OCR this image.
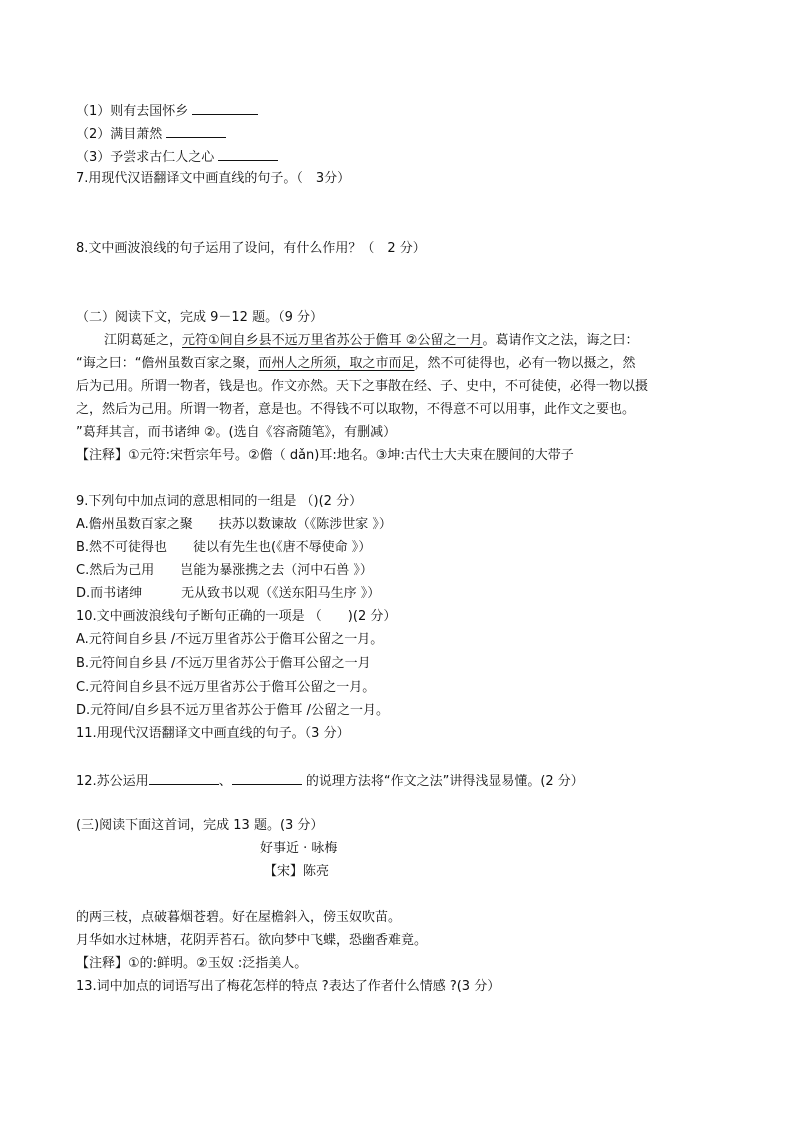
（1）则有去国怀乡
（2）满目萧然
（3）予尝求古仁人之心
7.用现代汉语翻译文中画直线的句子。（　3分）
8.文中画波浪线的句子运用了设问，有什么作用？（　2 分）
（二）阅读下文，完成 9－12 题。（9 分）
江阴葛延之，元符①间自乡县不远万里省苏公于儋耳 ②公留之一月。葛请作文之法，诲之曰：
“诲之曰：“儋州虽数百家之聚，而州人之所须，取之市而足，然不可徒得也，必有一物以摄之，然
后为己用。所谓一物者，钱是也。作文亦然。天下之事散在经、子、史中，不可徒使，必得一物以摄
之，然后为己用。所谓一物者，意是也。不得钱不可以取物，不得意不可以用事，此作文之要也。
”葛拜其言，而书诸绅 ②。(选自《容斋随笔》，有删减）
【注释】①元符:宋哲宗年号。②儋（ dǎn)耳:地名。③坤:古代士大夫束在腰间的大带子
9.下列句中加点词的意思相同的一组是 （)(2 分）
A.儋州虽数百家之聚　　扶苏以数谏故（《陈涉世家 》）
B.然不可徒得也　　徒以有先生也(《唐不辱使命 》）
C.然后为己用　　岂能为暴涨携之去（河中石兽 》）
D.而书诸绅　　　无从致书以观（《送东阳马生序 》）
10.文中画波浪线句子断句正确的一项是 （　　)(2 分）
A.元符间自乡县 /不远万里省苏公于儋耳公留之一月。
B.元符间自乡县 /不远万里省苏公于儋耳公留之一月
C.元符间自乡县不远万里省苏公于儋耳公留之一月。
D.元符间/自乡县不远万里省苏公于儋耳 /公留之一月。
11.用现代汉语翻译文中画直线的句子。（3 分）
12.苏公运用	、	的说理方法将“作文之法”讲得浅显易懂。(2 分）
(三)阅读下面这首词，完成 13 题。(3 分）
好事近 · 咏梅
【宋】陈亮
的两三枝，点破暮烟苍碧。好在屋檐斜入，傍玉奴吹苗。
月华如水过林塘，花阴弄苔石。欲向梦中飞蝶，恐幽香难竟。
【注释】①的:鲜明。②玉奴 :泛指美人。
13.词中加点的词语写出了梅花怎样的特点 ?表达了作者什么情感 ?(3 分）
